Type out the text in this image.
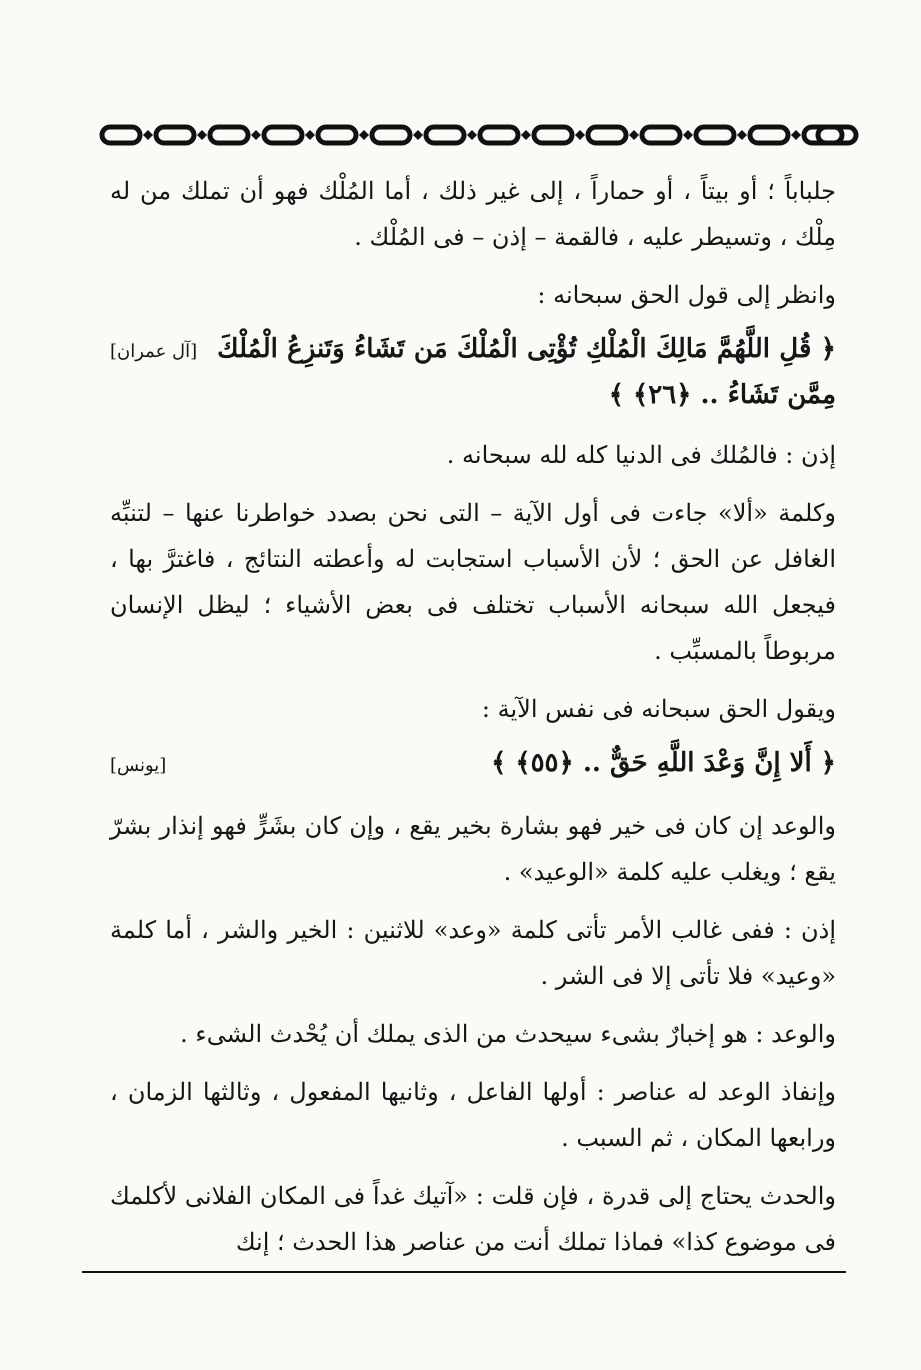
جلباباً ؛ أو بيتاً ، أو حماراً ، إلى غير ذلك ، أما المُلْك فهو أن تملك من له مِلْك ، وتسيطر عليه ، فالقمة – إذن – فى المُلْك .

وانظر إلى قول الحق سبحانه :

﴿ قُلِ اللَّهُمَّ مَالِكَ الْمُلْكِ تُؤْتِى الْمُلْكَ مَن تَشَاءُ وَتَنزِعُ الْمُلْكَ مِمَّن تَشَاءُ .. ﴿٢٦﴾ ﴾
[آل عمران]

إذن : فالمُلك فى الدنيا كله لله سبحانه .

وكلمة «ألا» جاءت فى أول الآية – التى نحن بصدد خواطرنا عنها – لتنبِّه الغافل عن الحق ؛ لأن الأسباب استجابت له وأعطته النتائج ، فاغترَّ بها ، فيجعل الله سبحانه الأسباب تختلف فى بعض الأشياء ؛ ليظل الإنسان مربوطاً بالمسبِّب .

ويقول الحق سبحانه فى نفس الآية :

﴿ أَلا إِنَّ وَعْدَ اللَّهِ حَقٌّ .. ﴿٥٥﴾ ﴾
[يونس]

والوعد إن كان فى خير فهو بشارة بخير يقع ، وإن كان بشَرٍّ فهو إنذار بشرّ يقع ؛ ويغلب عليه كلمة «الوعيد» .

إذن : ففى غالب الأمر تأتى كلمة «وعد» للاثنين : الخير والشر ، أما كلمة «وعيد» فلا تأتى إلا فى الشر .

والوعد : هو إخبارٌ بشىء سيحدث من الذى يملك أن يُحْدث الشىء .

وإنفاذ الوعد له عناصر : أولها الفاعل ، وثانيها المفعول ، وثالثها الزمان ، ورابعها المكان ، ثم السبب .

والحدث يحتاج إلى قدرة ، فإن قلت : «آتيك غداً فى المكان الفلانى لأكلمك فى موضوع كذا» فماذا تملك أنت من عناصر هذا الحدث ؛ إنك
